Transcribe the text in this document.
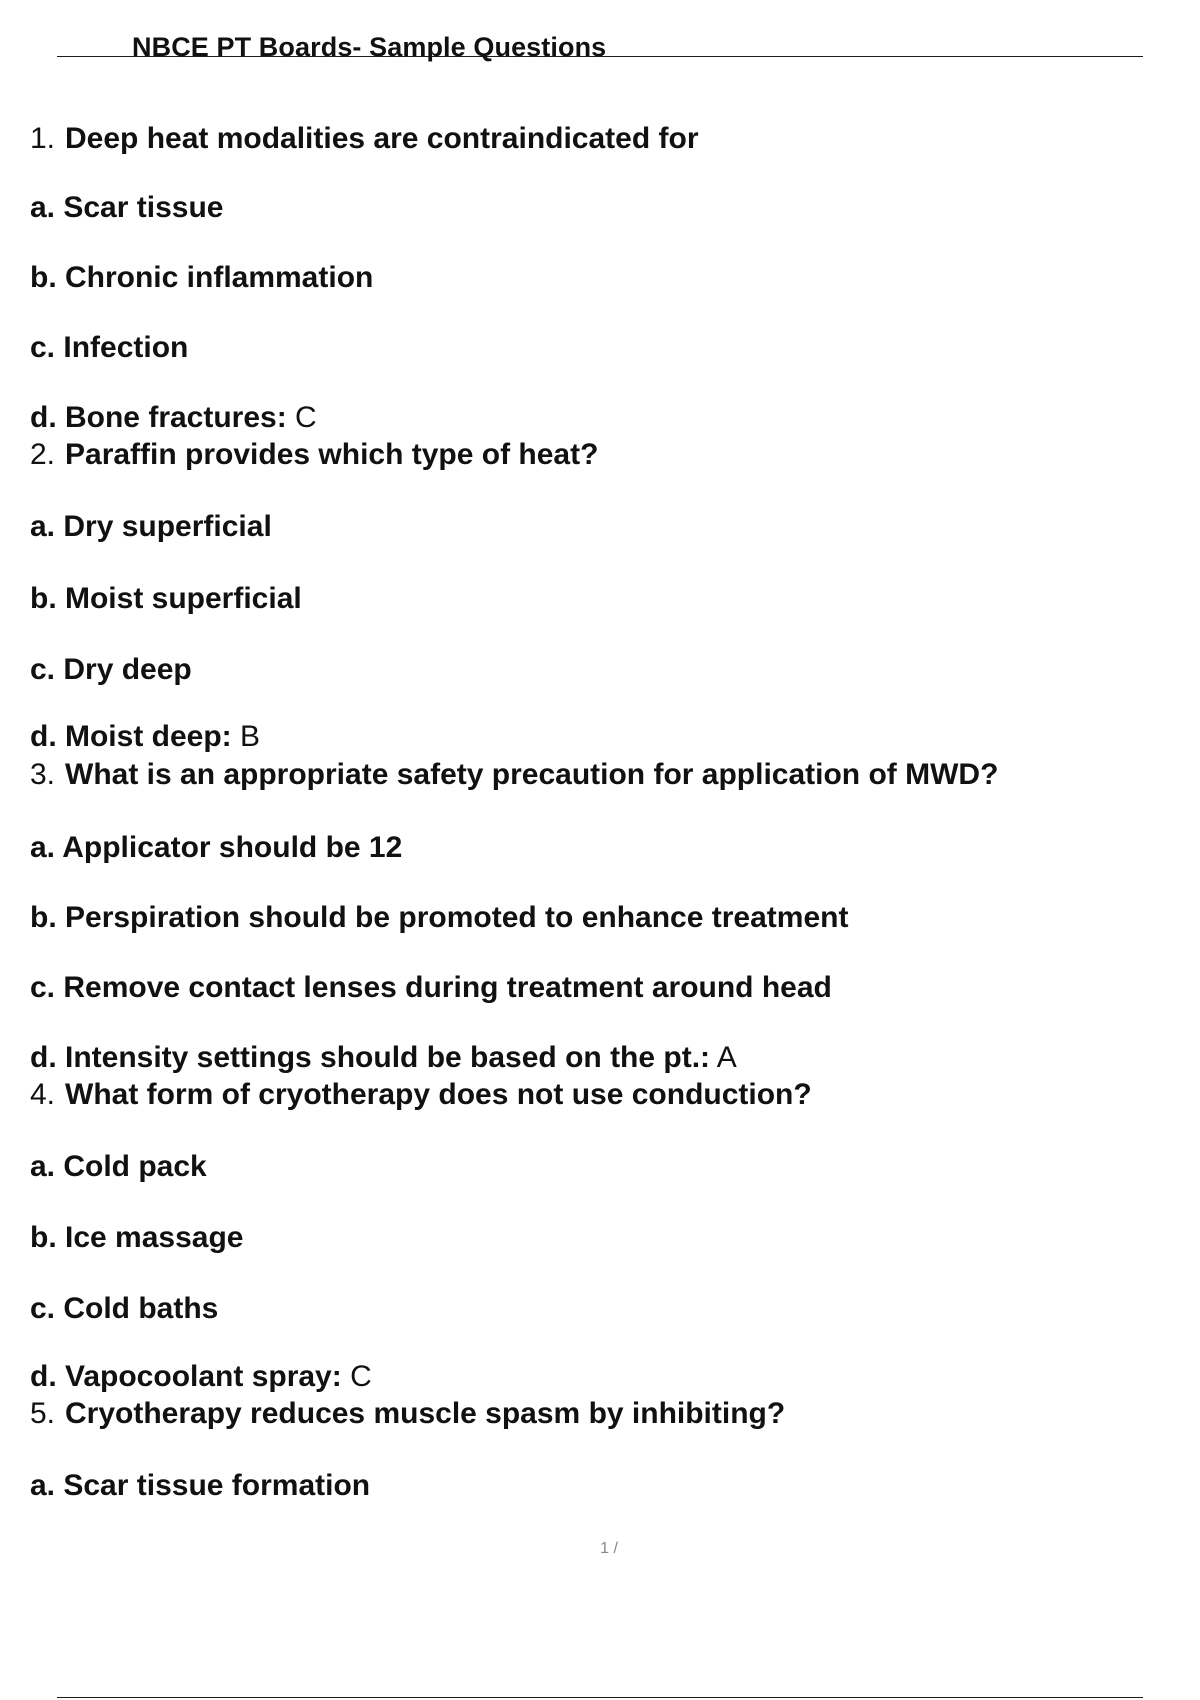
NBCE PT Boards- Sample Questions
1. Deep heat modalities are contraindicated for
a. Scar tissue
b. Chronic inflammation
c. Infection
d. Bone fractures: C
2. Paraffin provides which type of heat?
a. Dry superficial
b. Moist superficial
c. Dry deep
d. Moist deep: B
3. What is an appropriate safety precaution for application of MWD?
a. Applicator should be 12
b. Perspiration should be promoted to enhance treatment
c. Remove contact lenses during treatment around head
d. Intensity settings should be based on the pt.: A
4. What form of cryotherapy does not use conduction?
a. Cold pack
b. Ice massage
c. Cold baths
d. Vapocoolant spray: C
5. Cryotherapy reduces muscle spasm by inhibiting?
a. Scar tissue formation
1 /
